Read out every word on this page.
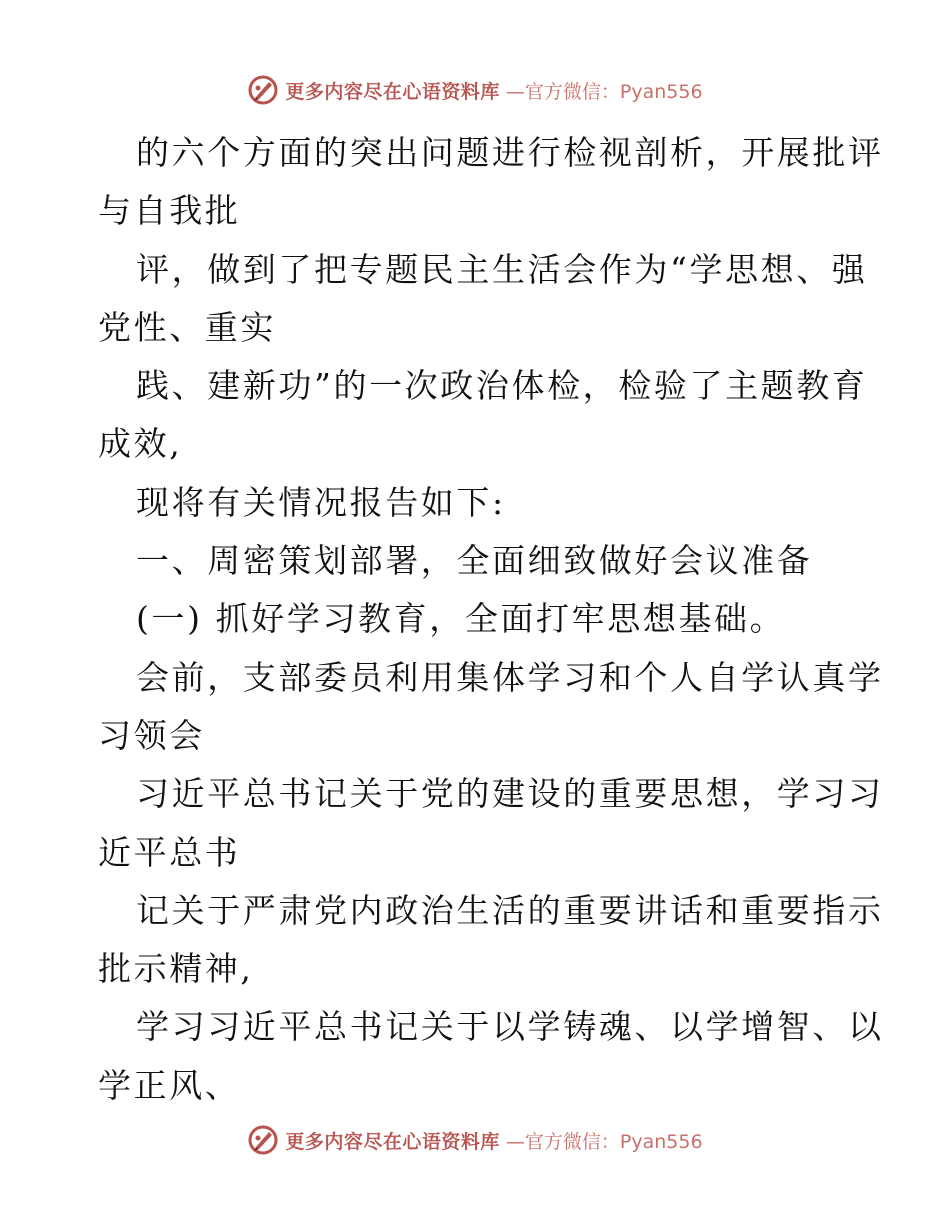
更多内容尽在心语资料库 —官方微信：Pyan556
的六个方面的突出问题进行检视剖析，开展批评
与自我批
评，做到了把专题民主生活会作为“学思想、强
党性、重实
践、建新功”的一次政治体检，检验了主题教育
成效,
现将有关情况报告如下:
一、周密策划部署，全面细致做好会议准备
(一) 抓好学习教育，全面打牢思想基础。
会前，支部委员利用集体学习和个人自学认真学
习领会
习近平总书记关于党的建设的重要思想，学习习
近平总书
记关于严肃党内政治生活的重要讲话和重要指示
批示精神,
学习习近平总书记关于以学铸魂、以学增智、以
学正风、
更多内容尽在心语资料库 —官方微信：Pyan556
